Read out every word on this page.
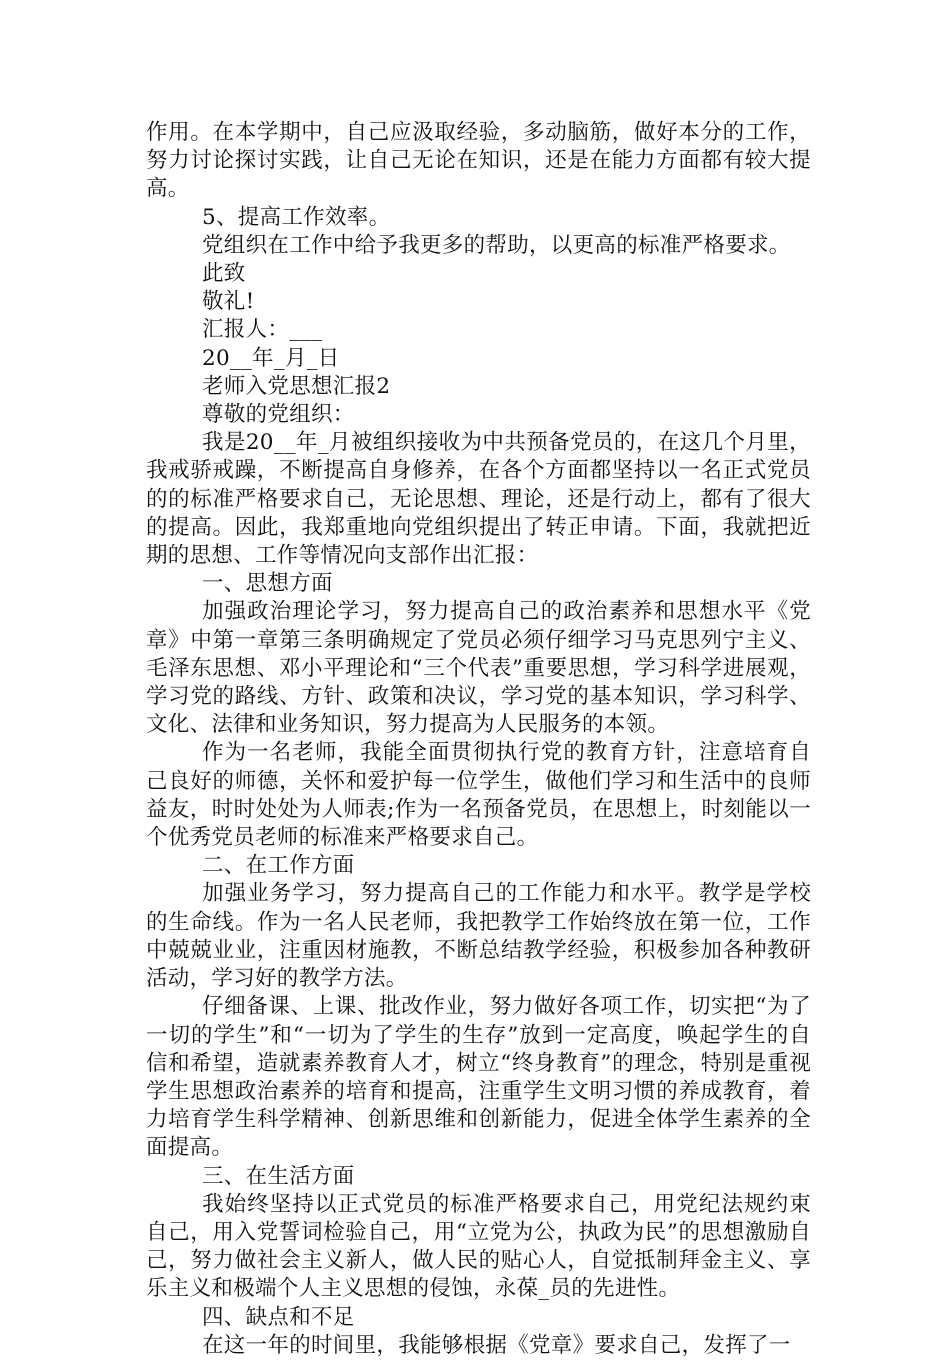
作用。在本学期中，自己应汲取经验，多动脑筋，做好本分的工作，努力讨论探讨实践，让自己无论在知识，还是在能力方面都有较大提高。

5、提高工作效率。

党组织在工作中给予我更多的帮助，以更高的标准严格要求。

此致

敬礼!

汇报人：___

20__年_月_日

老师入党思想汇报2

尊敬的党组织：

我是20__年_月被组织接收为中共预备党员的，在这几个月里，我戒骄戒躁，不断提高自身修养，在各个方面都坚持以一名正式党员的的标准严格要求自己，无论思想、理论，还是行动上，都有了很大的提高。因此，我郑重地向党组织提出了转正申请。下面，我就把近期的思想、工作等情况向支部作出汇报：

一、思想方面

加强政治理论学习，努力提高自己的政治素养和思想水平《党章》中第一章第三条明确规定了党员必须仔细学习马克思列宁主义、毛泽东思想、邓小平理论和“三个代表”重要思想，学习科学进展观，学习党的路线、方针、政策和决议，学习党的基本知识，学习科学、文化、法律和业务知识，努力提高为人民服务的本领。

作为一名老师，我能全面贯彻执行党的教育方针，注意培育自己良好的师德，关怀和爱护每一位学生，做他们学习和生活中的良师益友，时时处处为人师表;作为一名预备党员，在思想上，时刻能以一个优秀党员老师的标准来严格要求自己。

二、在工作方面

加强业务学习，努力提高自己的工作能力和水平。教学是学校的生命线。作为一名人民老师，我把教学工作始终放在第一位，工作中兢兢业业，注重因材施教，不断总结教学经验，积极参加各种教研活动，学习好的教学方法。

仔细备课、上课、批改作业，努力做好各项工作，切实把“为了一切的学生”和“一切为了学生的生存”放到一定高度，唤起学生的自信和希望，造就素养教育人才，树立“终身教育”的理念，特别是重视学生思想政治素养的培育和提高，注重学生文明习惯的养成教育，着力培育学生科学精神、创新思维和创新能力，促进全体学生素养的全面提高。

三、在生活方面

我始终坚持以正式党员的标准严格要求自己，用党纪法规约束自己，用入党誓词检验自己，用“立党为公，执政为民”的思想激励自己，努力做社会主义新人，做人民的贴心人，自觉抵制拜金主义、享乐主义和极端个人主义思想的侵蚀，永葆_员的先进性。

四、缺点和不足

在这一年的时间里，我能够根据《党章》要求自己，发挥了一
